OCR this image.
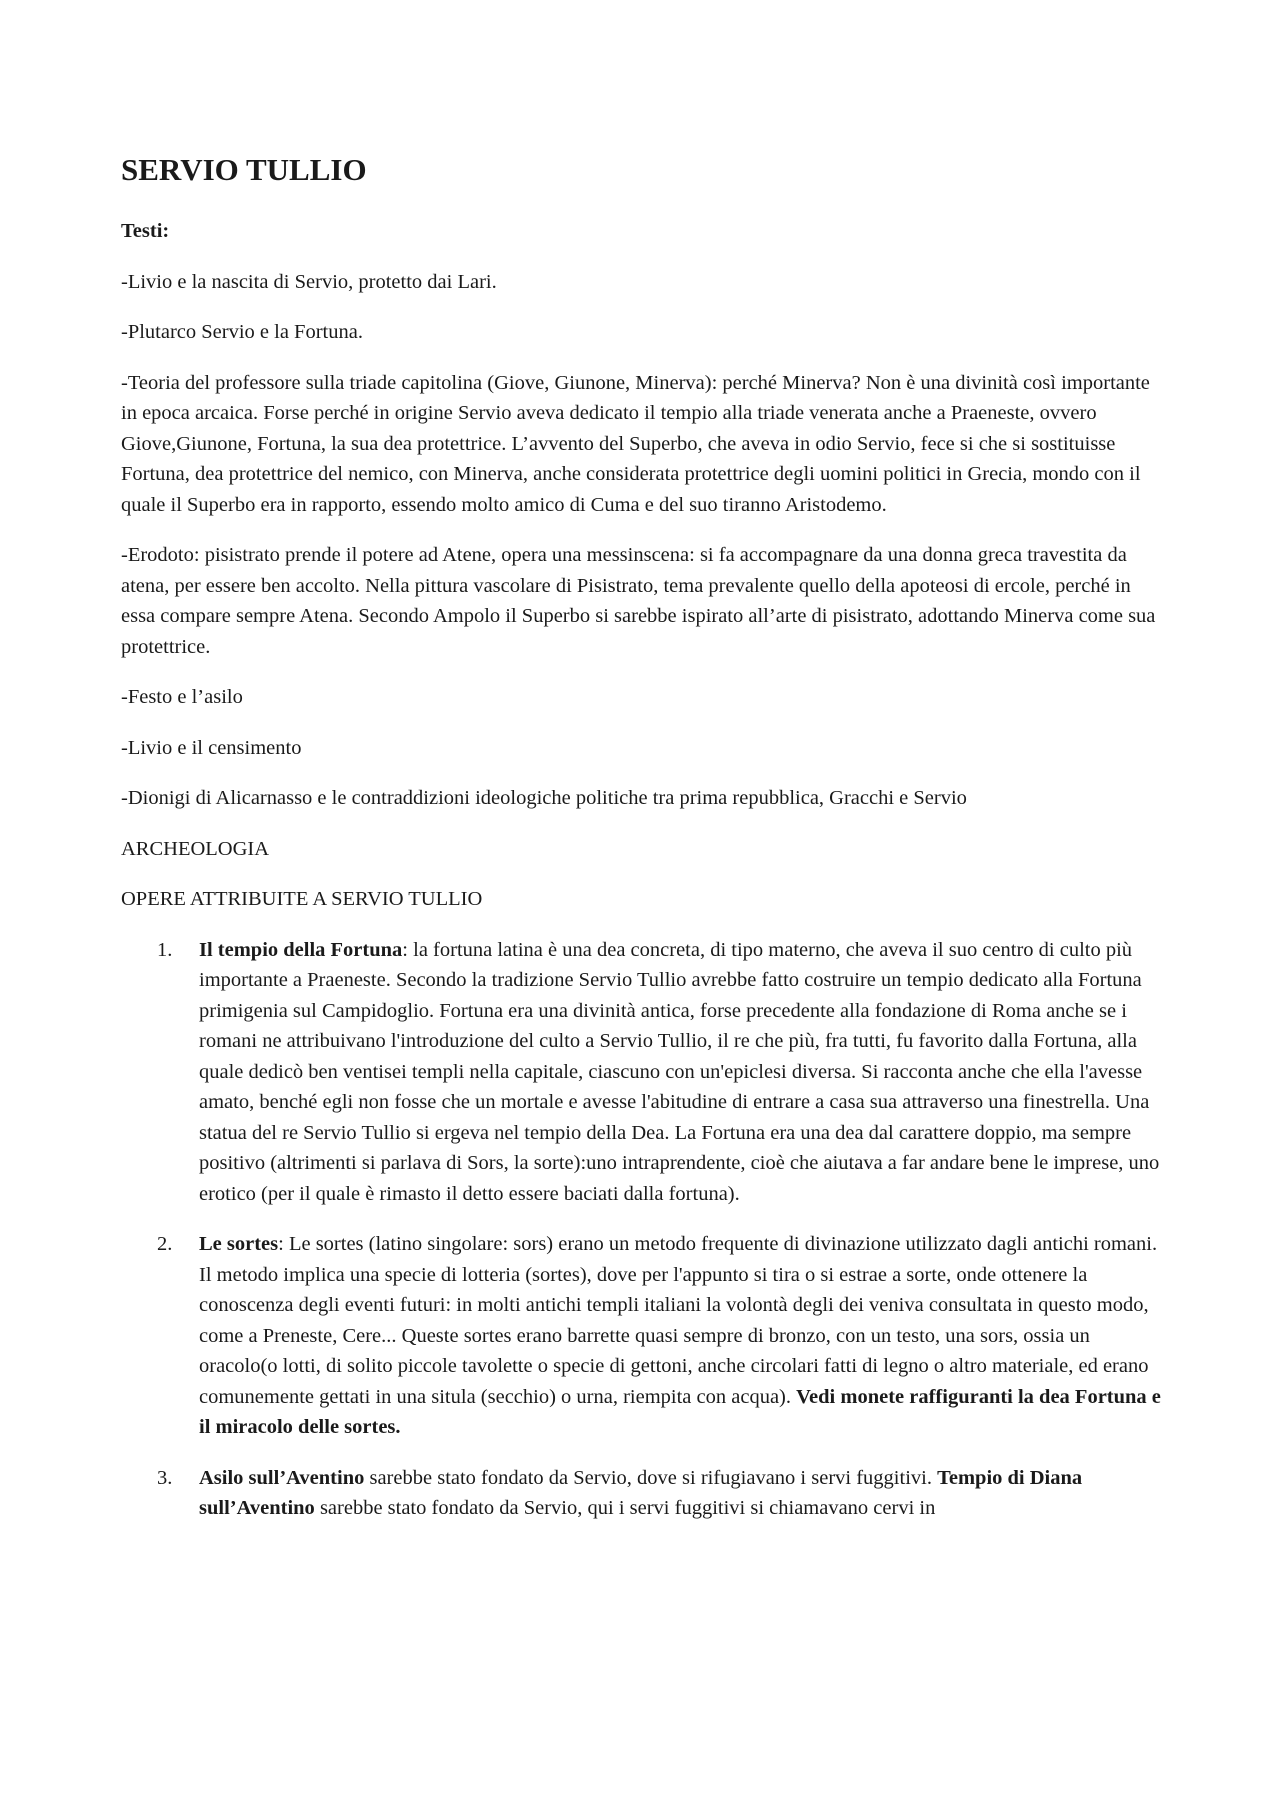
SERVIO TULLIO

Testi:

-Livio e la nascita di Servio, protetto dai Lari.

-Plutarco Servio e la Fortuna.

-Teoria del professore sulla triade capitolina (Giove, Giunone, Minerva): perché Minerva? Non è una divinità così importante in epoca arcaica. Forse perché in origine Servio aveva dedicato il tempio alla triade venerata anche a Praeneste, ovvero Giove,Giunone, Fortuna, la sua dea protettrice. L’avvento del Superbo, che aveva in odio Servio, fece si che si sostituisse Fortuna, dea protettrice del nemico, con Minerva, anche considerata protettrice degli uomini politici in Grecia, mondo con il quale il Superbo era in rapporto, essendo molto amico di Cuma e del suo tiranno Aristodemo.

-Erodoto: pisistrato prende il potere ad Atene, opera una messinscena: si fa accompagnare da una donna greca travestita da atena, per essere ben accolto. Nella pittura vascolare di Pisistrato, tema prevalente quello della apoteosi di ercole, perché in essa compare sempre Atena. Secondo Ampolo il Superbo si sarebbe ispirato all’arte di pisistrato, adottando Minerva come sua protettrice.

-Festo e l’asilo

-Livio e il censimento

-Dionigi di Alicarnasso e le contraddizioni ideologiche politiche tra prima repubblica, Gracchi e Servio

ARCHEOLOGIA

OPERE ATTRIBUITE A SERVIO TULLIO

1. Il tempio della Fortuna: la fortuna latina è una dea concreta, di tipo materno, che aveva il suo centro di culto più importante a Praeneste. Secondo la tradizione Servio Tullio avrebbe fatto costruire un tempio dedicato alla Fortuna primigenia sul Campidoglio. Fortuna era una divinità antica, forse precedente alla fondazione di Roma anche se i romani ne attribuivano l'introduzione del culto a Servio Tullio, il re che più, fra tutti, fu favorito dalla Fortuna, alla quale dedicò ben ventisei templi nella capitale, ciascuno con un'epiclesi diversa. Si racconta anche che ella l'avesse amato, benché egli non fosse che un mortale e avesse l'abitudine di entrare a casa sua attraverso una finestrella. Una statua del re Servio Tullio si ergeva nel tempio della Dea. La Fortuna era una dea dal carattere doppio, ma sempre positivo (altrimenti si parlava di Sors, la sorte):uno intraprendente, cioè che aiutava a far andare bene le imprese, uno erotico (per il quale è rimasto il detto essere baciati dalla fortuna).
2. Le sortes: Le sortes (latino singolare: sors) erano un metodo frequente di divinazione utilizzato dagli antichi romani. Il metodo implica una specie di lotteria (sortes), dove per l'appunto si tira o si estrae a sorte, onde ottenere la conoscenza degli eventi futuri: in molti antichi templi italiani la volontà degli dei veniva consultata in questo modo, come a Preneste, Cere... Queste sortes erano barrette quasi sempre di bronzo, con un testo, una sors, ossia un oracolo(o lotti, di solito piccole tavolette o specie di gettoni, anche circolari fatti di legno o altro materiale, ed erano comunemente gettati in una situla (secchio) o urna, riempita con acqua). Vedi monete raffiguranti la dea Fortuna e il miracolo delle sortes.
3. Asilo sull’Aventino sarebbe stato fondato da Servio, dove si rifugiavano i servi fuggitivi. Tempio di Diana sull’Aventino sarebbe stato fondato da Servio, qui i servi fuggitivi si chiamavano cervi in
